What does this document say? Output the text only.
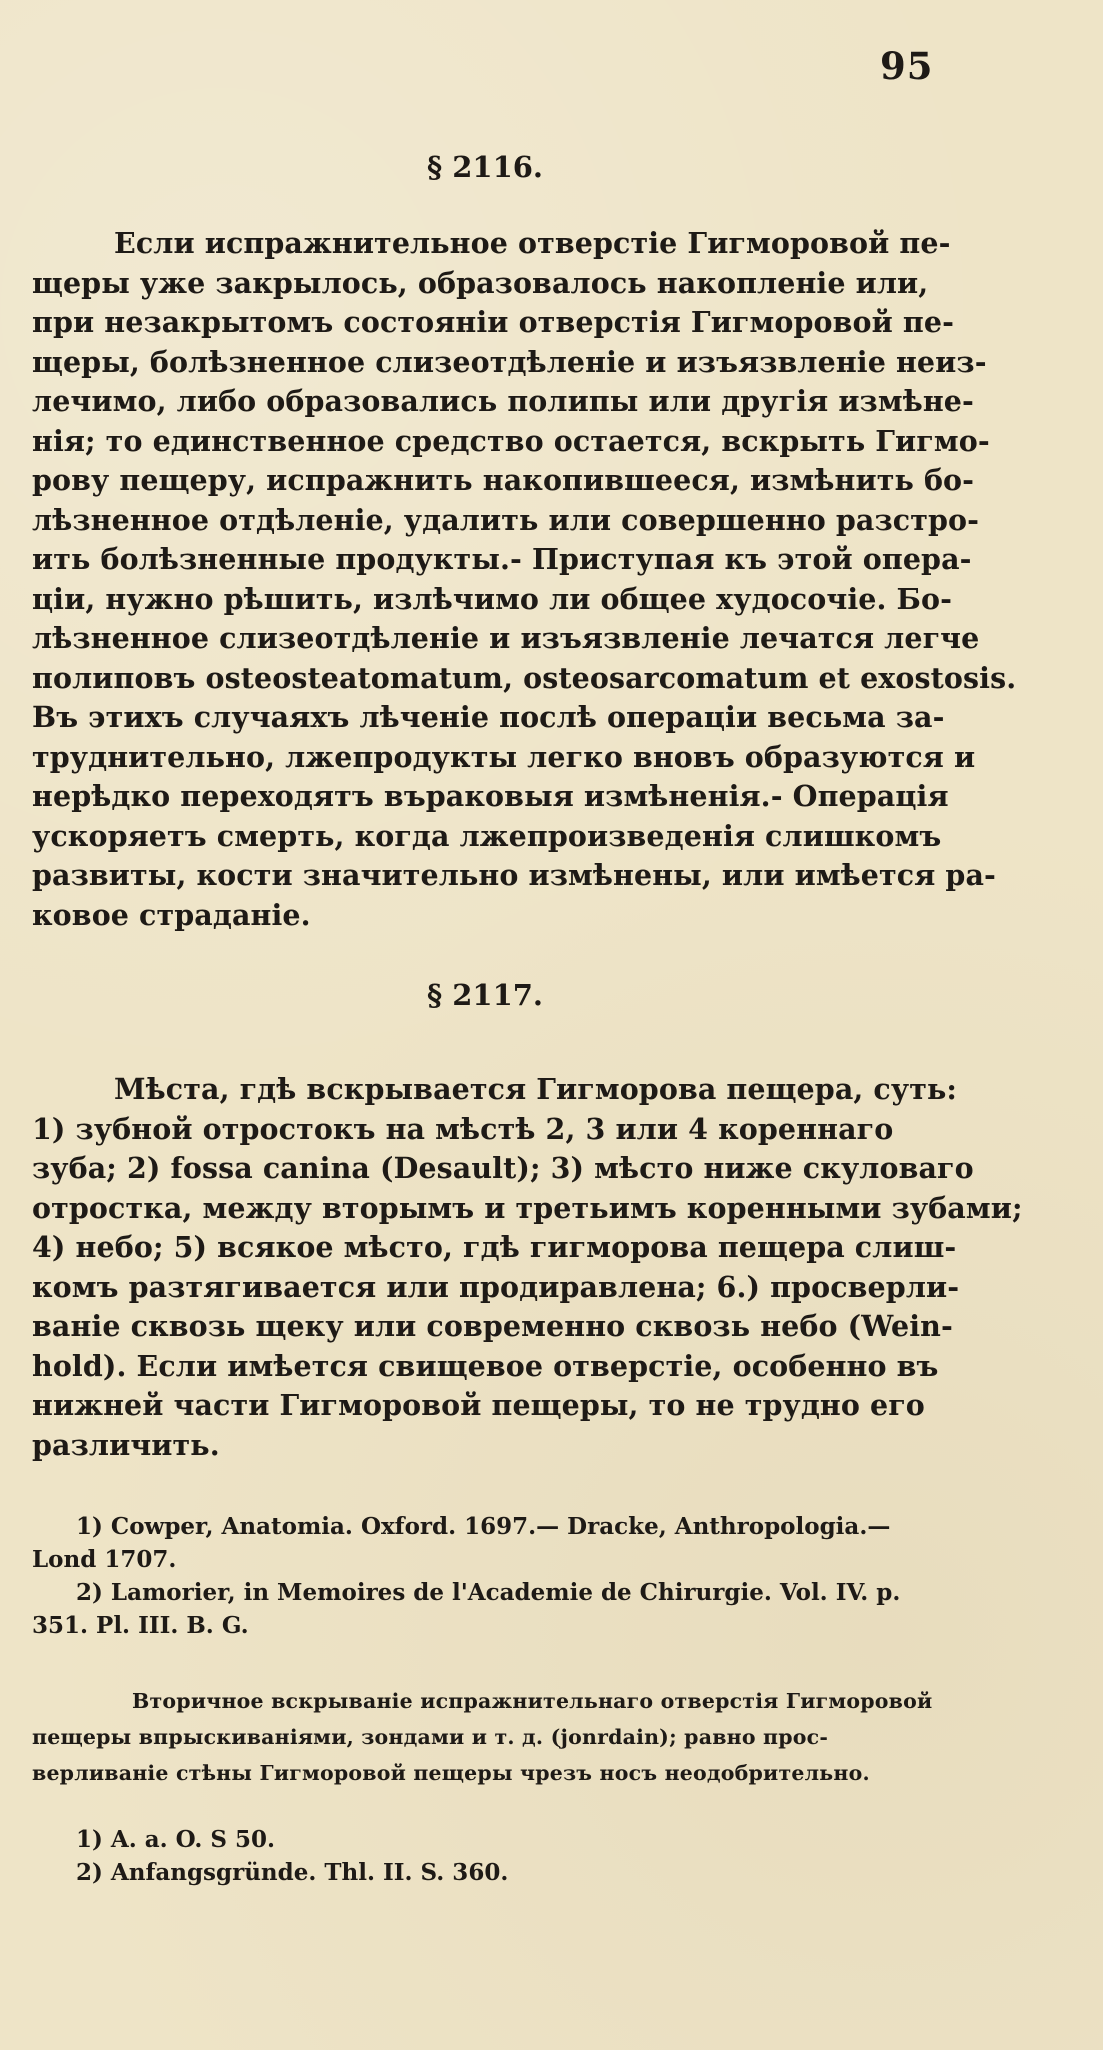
95
§ 2116.
Если испражнительное отверстіе Гигморовой пе-
щеры уже закрылось, образовалось накопленіе или,
при незакрытомъ состояніи отверстія Гигморовой пе-
щеры, болѣзненное слизеотдѣленіе и изъязвленіе неиз-
лечимо, либо образовались полипы или другія измѣне-
нія; то единственное средство остается, вскрыть Гигмо-
рову пещеру, испражнить накопившееся, измѣнить бо-
лѣзненное отдѣленіе, удалить или совершенно разстро-
ить болѣзненные продукты.- Приступая къ этой опера-
ціи, нужно рѣшить, излѣчимо ли общее худосочіе. Бо-
лѣзненное слизеотдѣленіе и изъязвленіе лечатся легче
полиповъ osteosteatomatum, osteosarcomatum et exostosis.
Въ этихъ случаяхъ лѣченіе послѣ операціи весьма за-
труднительно, лжепродукты легко вновъ образуются и
нерѣдко переходятъ въраковыя измѣненія.- Операція
ускоряетъ смерть, когда лжепроизведенія слишкомъ
развиты, кости значительно измѣнены, или имѣется ра-
ковое страданіе.
§ 2117.
Мѣста, гдѣ вскрывается Гигморова пещера, суть:
1) зубной отростокъ на мѣстѣ 2, 3 или 4 кореннаго
зуба; 2) fossa canina (Desault); 3) мѣсто ниже скуловаго
отростка, между вторымъ и третьимъ коренными зубами;
4) небо; 5) всякое мѣсто, гдѣ гигморова пещера слиш-
комъ разтягивается или продиравлена; 6.) просверли-
ваніе сквозь щеку или современно сквозь небо (Wein-
hold). Если имѣется свищевое отверстіе, особенно въ
нижней части Гигморовой пещеры, то не трудно его
различить.
1) Cowper, Anatomia. Oxford. 1697.— Dracke, Anthropologia.—
Lond 1707.
2) Lamorier, in Memoires de l'Academie de Chirurgie. Vol. IV. p.
351. Pl. III. B. G.
Вторичное вскрываніе испражнительнаго отверстія Гигморовой
пещеры впрыскиваніями, зондами и т. д. (jonrdain); равно прос-
верливаніе стѣны Гигморовой пещеры чрезъ носъ неодобрительно.
1) A. a. O. S 50.
2) Anfangsgründe. Thl. II. S. 360.
